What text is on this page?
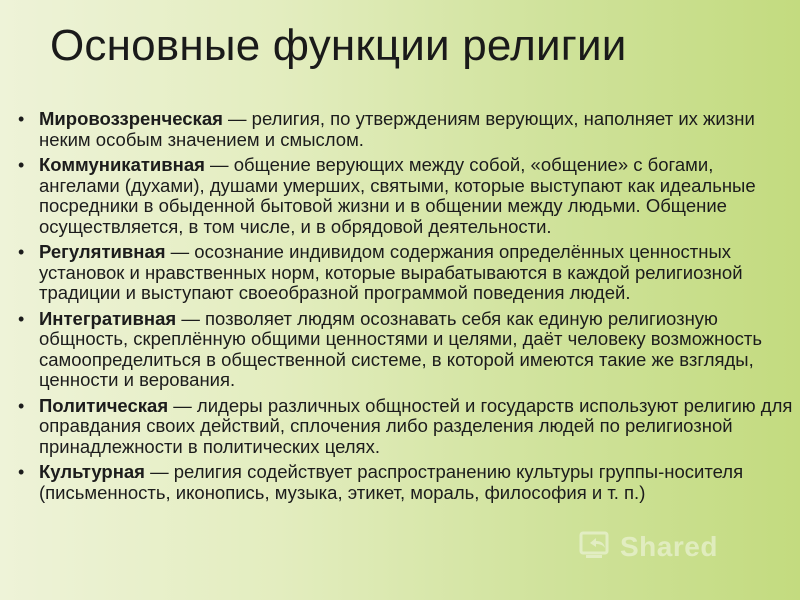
Основные функции религии
• Мировоззренческая — религия, по утверждениям верующих, наполняет их жизни неким особым значением и смыслом.
• Коммуникативная — общение верующих между собой, «общение» с богами, ангелами (духами), душами умерших, святыми, которые выступают как идеальные посредники в обыденной бытовой жизни и в общении между людьми. Общение осуществляется, в том числе, и в обрядовой деятельности.
• Регулятивная — осознание индивидом содержания определённых ценностных установок и нравственных норм, которые вырабатываются в каждой религиозной традиции и выступают своеобразной программой поведения людей.
• Интегративная — позволяет людям осознавать себя как единую религиозную общность, скреплённую общими ценностями и целями, даёт человеку возможность самоопределиться в общественной системе, в которой имеются такие же взгляды, ценности и верования.
• Политическая — лидеры различных общностей и государств используют религию для оправдания своих действий, сплочения либо разделения людей по религиозной принадлежности в политических целях.
• Культурная — религия содействует распространению культуры группы-носителя (письменность, иконопись, музыка, этикет, мораль, философия и т. п.)
Shared
